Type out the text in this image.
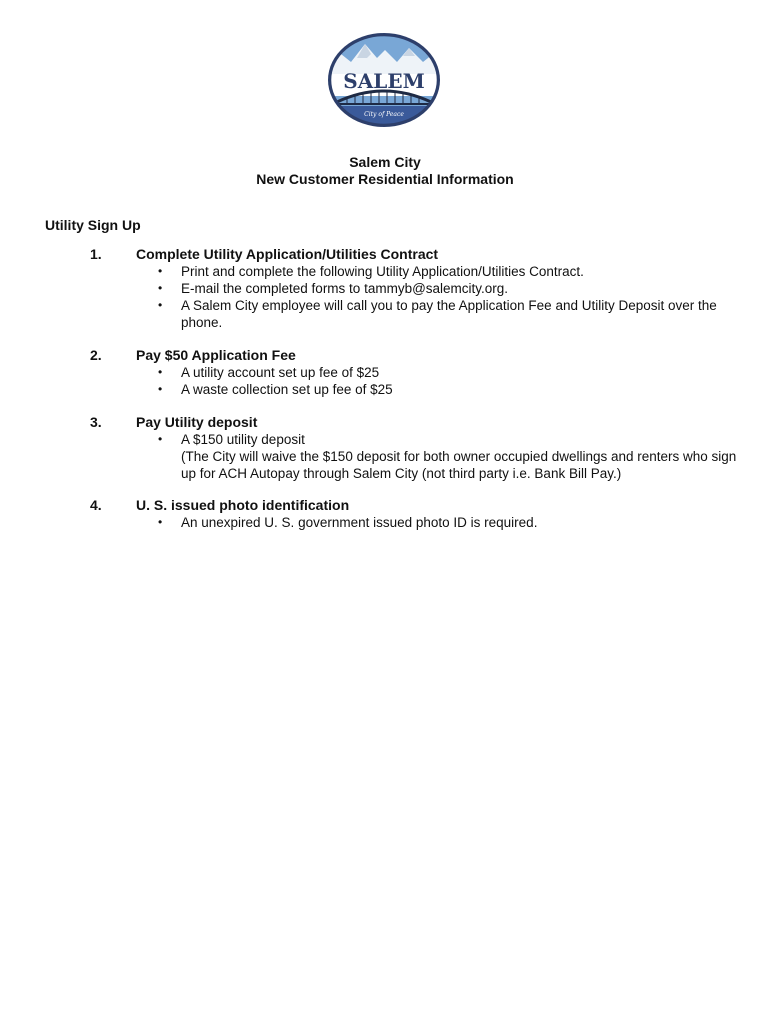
SALEM
City of Peace
Salem City
New Customer Residential Information
Utility Sign Up
1. Complete Utility Application/Utilities Contract
• Print and complete the following Utility Application/Utilities Contract.
• E-mail the completed forms to tammyb@salemcity.org.
• A Salem City employee will call you to pay the Application Fee and Utility Deposit over the phone.
2. Pay $50 Application Fee
• A utility account set up fee of $25
• A waste collection set up fee of $25
3. Pay Utility deposit
• A $150 utility deposit
(The City will waive the $150 deposit for both owner occupied dwellings and renters who sign up for ACH Autopay through Salem City (not third party i.e. Bank Bill Pay.)
4. U. S. issued photo identification
• An unexpired U. S. government issued photo ID is required.
